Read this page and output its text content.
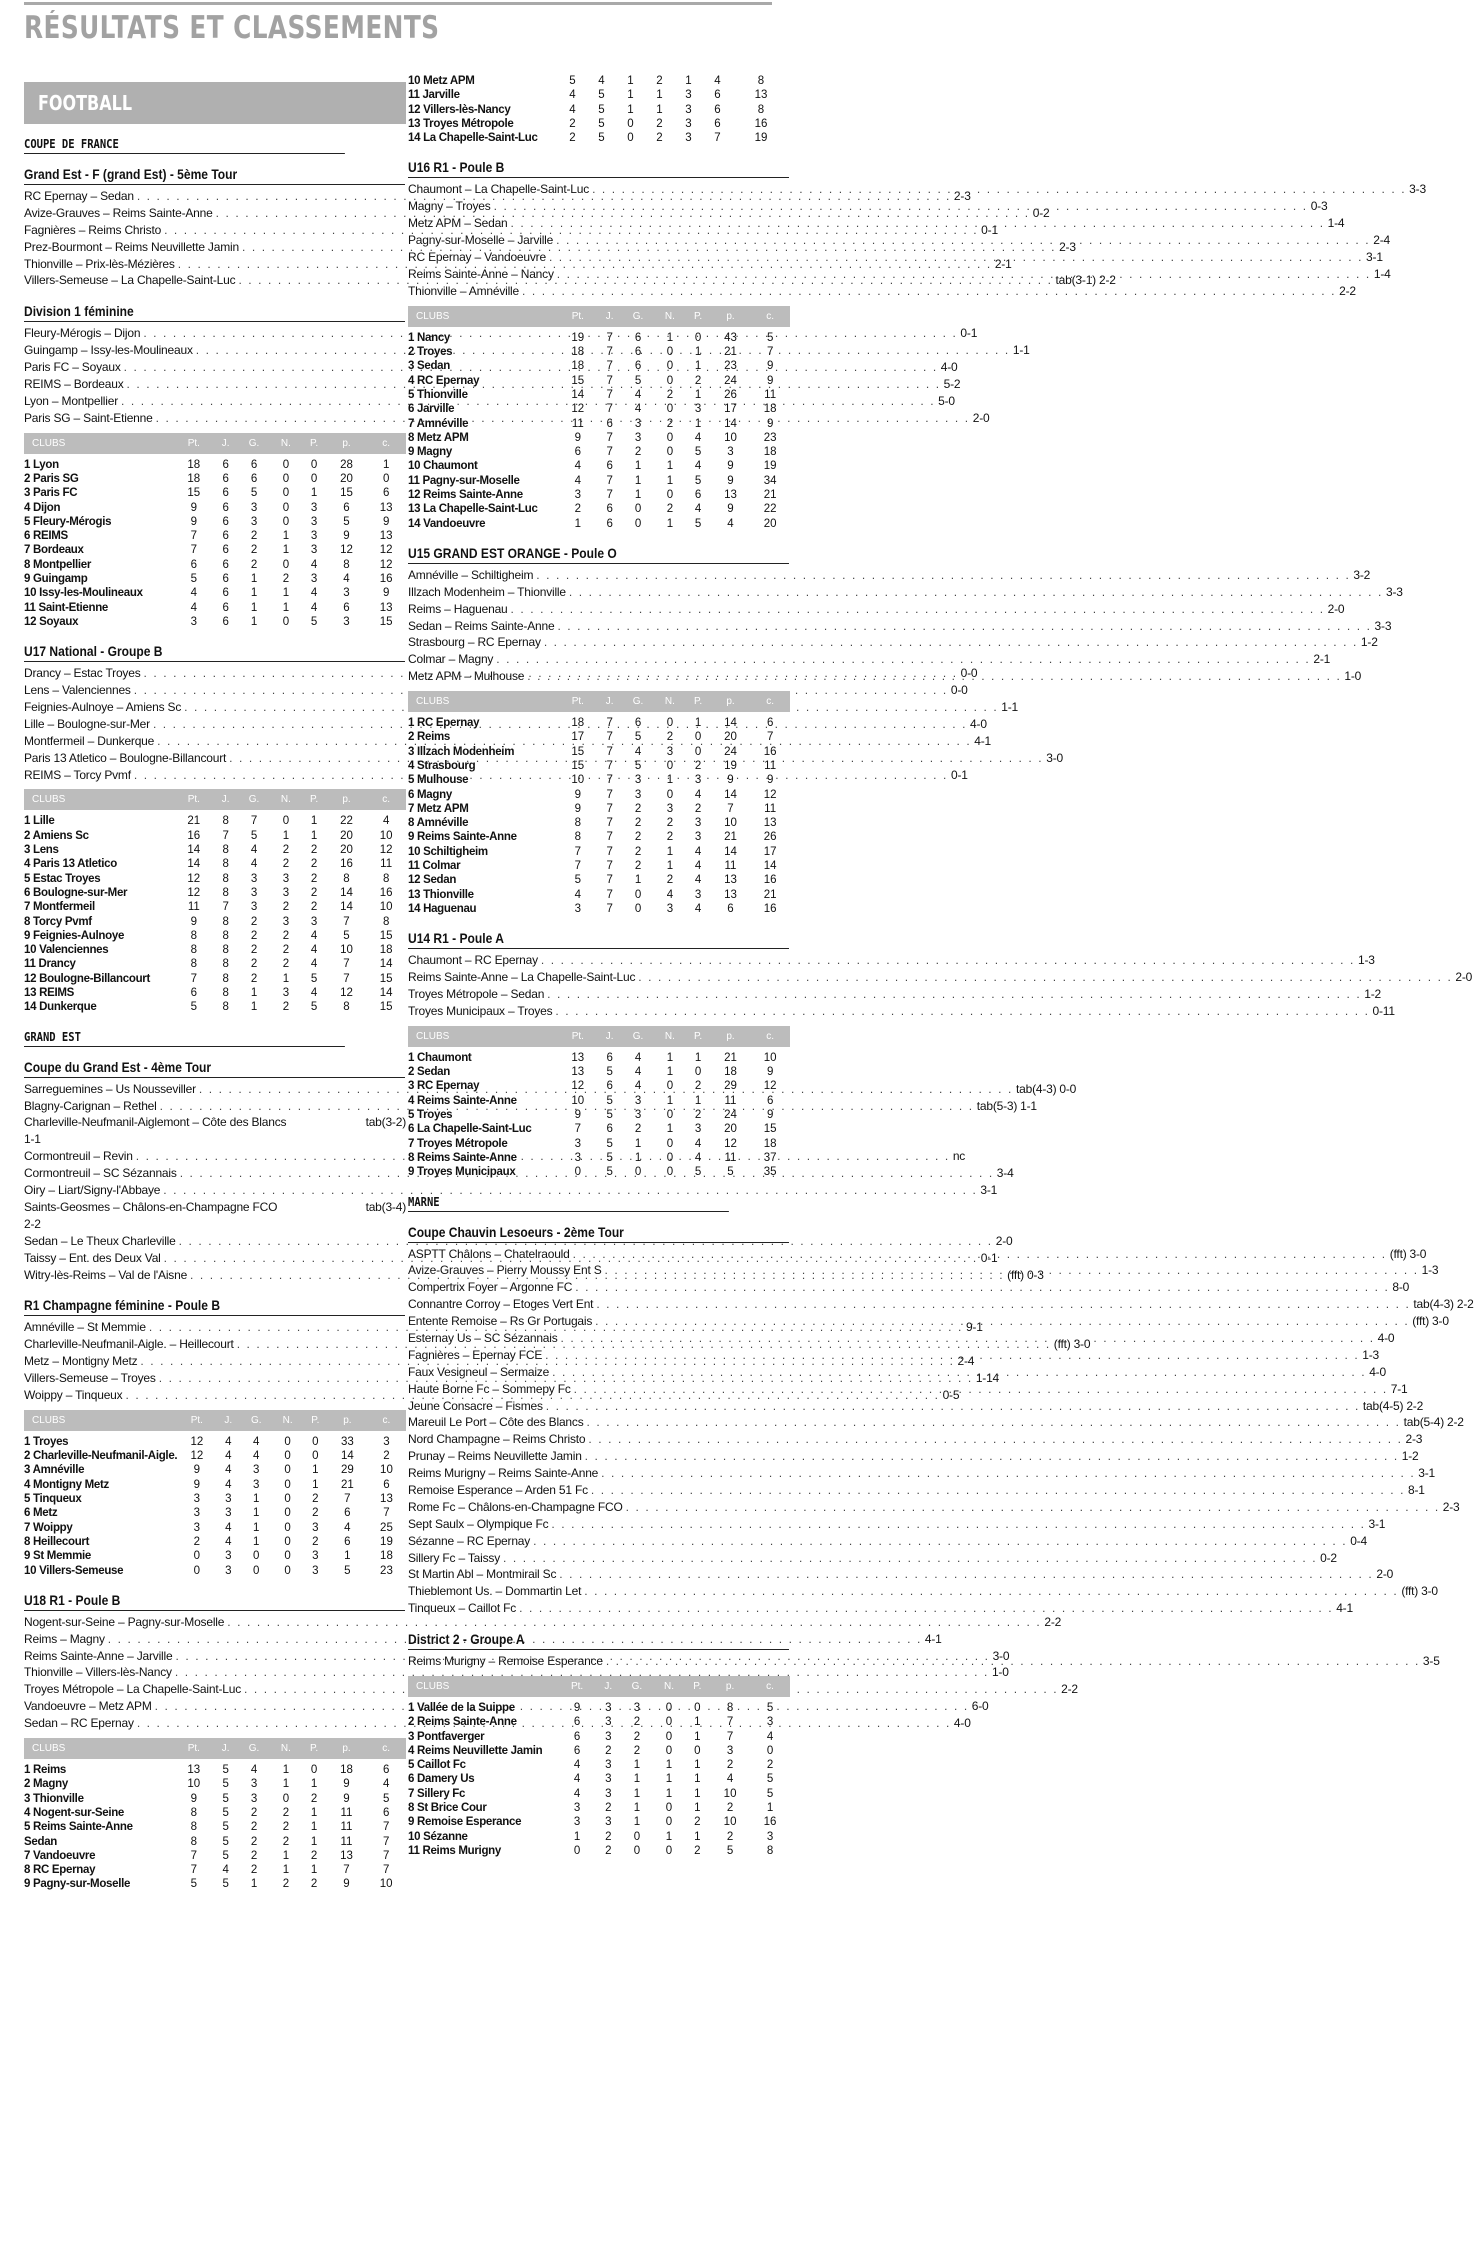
RÉSULTATS ET CLASSEMENTS
FOOTBALL
COUPE DE FRANCE
Grand Est - F (grand Est) - 5ème Tour
RC Epernay – Sedan . . .	2-3
Avize-Grauves – Reims Sainte-Anne . . .	0-2
Fagnières – Reims Christo . . .	0-1
Prez-Bourmont – Reims Neuvillette Jamin . . .	2-3
Thionville – Prix-lès-Mézières . . .	2-1
Villers-Semeuse – La Chapelle-Saint-Luc . . .	tab(3-1) 2-2
Division 1 féminine
Fleury-Mérogis – Dijon . . .	0-1
Guingamp – Issy-les-Moulineaux . . .	1-1
Paris FC – Soyaux . . .	4-0
REIMS – Bordeaux . . .	5-2
Lyon – Montpellier . . .	5-0
Paris SG – Saint-Etienne . . .	2-0
CLUBS	Pt.	J.	G.	N.	P.	p.	c.

1 Lyon	18	6	6	0	0	28	1
2 Paris SG	18	6	6	0	0	20	0
3 Paris FC	15	6	5	0	1	15	6
4 Dijon	9	6	3	0	3	6	13
5 Fleury-Mérogis	9	6	3	0	3	5	9
6 REIMS	7	6	2	1	3	9	13
7 Bordeaux	7	6	2	1	3	12	12
8 Montpellier	6	6	2	0	4	8	12
9 Guingamp	5	6	1	2	3	4	16
10 Issy-les-Moulineaux	4	6	1	1	4	3	9
11 Saint-Etienne	4	6	1	1	4	6	13
12 Soyaux	3	6	1	0	5	3	15
U17 National - Groupe B
Drancy – Estac Troyes . . .	0-0
Lens – Valenciennes . . .	0-0
Feignies-Aulnoye – Amiens Sc . . .	1-1
Lille – Boulogne-sur-Mer . . .	4-0
Montfermeil – Dunkerque . . .	4-1
Paris 13 Atletico – Boulogne-Billancourt . . .	3-0
REIMS – Torcy Pvmf . . .	0-1
CLUBS	Pt.	J.	G.	N.	P.	p.	c.

1 Lille	21	8	7	0	1	22	4
2 Amiens Sc	16	7	5	1	1	20	10
3 Lens	14	8	4	2	2	20	12
4 Paris 13 Atletico	14	8	4	2	2	16	11
5 Estac Troyes	12	8	3	3	2	8	8
6 Boulogne-sur-Mer	12	8	3	3	2	14	16
7 Montfermeil	11	7	3	2	2	14	10
8 Torcy Pvmf	9	8	2	3	3	7	8
9 Feignies-Aulnoye	8	8	2	2	4	5	15
10 Valenciennes	8	8	2	2	4	10	18
11 Drancy	8	8	2	2	4	7	14
12 Boulogne-Billancourt	7	8	2	1	5	7	15
13 REIMS	6	8	1	3	4	12	14
14 Dunkerque	5	8	1	2	5	8	15
GRAND EST
Coupe du Grand Est - 4ème Tour
Sarreguemines – Us Nousseviller . . .	tab(4-3) 0-0
Blagny-Carignan – Rethel . . .	tab(5-3) 1-1
Charleville-Neufmanil-Aiglemont – Côte des Blancs	tab(3-2)
1-1
Cormontreuil – Revin . . .	nc
Cormontreuil – SC Sézannais . . .	3-4
Oiry – Liart/Signy-l'Abbaye . . .	3-1
Saints-Geosmes – Châlons-en-Champagne FCO	tab(3-4)
2-2
Sedan – Le Theux Charleville . . .	2-0
Taissy – Ent. des Deux Val . . .	0-1
Witry-lès-Reims – Val de l'Aisne . . .	(fft) 0-3
R1 Champagne féminine - Poule B
Amnéville – St Memmie . . .	9-1
Charleville-Neufmanil-Aigle. – Heillecourt . . .	(fft) 3-0
Metz – Montigny Metz . . .	2-4
Villers-Semeuse – Troyes . . .	1-14
Woippy – Tinqueux . . .	0-5
CLUBS	Pt.	J.	G.	N.	P.	p.	c.

1 Troyes	12	4	4	0	0	33	3
2 Charleville-Neufmanil-Aigle.	12	4	4	0	0	14	2
3 Amnéville	9	4	3	0	1	29	10
4 Montigny Metz	9	4	3	0	1	21	6
5 Tinqueux	3	3	1	0	2	7	13
6 Metz	3	3	1	0	2	6	7
7 Woippy	3	4	1	0	3	4	25
8 Heillecourt	2	4	1	0	2	6	19
9 St Memmie	0	3	0	0	3	1	18
10 Villers-Semeuse	0	3	0	0	3	5	23
U18 R1 - Poule B
Nogent-sur-Seine – Pagny-sur-Moselle . . .	2-2
Reims – Magny . . .	4-1
Reims Sainte-Anne – Jarville . . .	3-0
Thionville – Villers-lès-Nancy . . .	1-0
Troyes Métropole – La Chapelle-Saint-Luc . . .	2-2
Vandoeuvre – Metz APM . . .	6-0
Sedan – RC Epernay . . .	4-0
CLUBS	Pt.	J.	G.	N.	P.	p.	c.

1 Reims	13	5	4	1	0	18	6
2 Magny	10	5	3	1	1	9	4
3 Thionville	9	5	3	0	2	9	5
4 Nogent-sur-Seine	8	5	2	2	1	11	6
5 Reims Sainte-Anne	8	5	2	2	1	11	7
Sedan	8	5	2	2	1	11	7
7 Vandoeuvre	7	5	2	1	2	13	7
8 RC Epernay	7	4	2	1	1	7	7
9 Pagny-sur-Moselle	5	5	1	2	2	9	10
10 Metz APM	5	4	1	2	1	4	8
11 Jarville	4	5	1	1	3	6	13
12 Villers-lès-Nancy	4	5	1	1	3	6	8
13 Troyes Métropole	2	5	0	2	3	6	16
14 La Chapelle-Saint-Luc	2	5	0	2	3	7	19
U16 R1 - Poule B
Chaumont – La Chapelle-Saint-Luc . . .	3-3
Magny – Troyes . . .	0-3
Metz APM – Sedan . . .	1-4
Pagny-sur-Moselle – Jarville . . .	2-4
RC Epernay – Vandoeuvre . . .	3-1
Reims Sainte-Anne – Nancy . . .	1-4
Thionville – Amnéville . . .	2-2
CLUBS	Pt.	J.	G.	N.	P.	p.	c.

1 Nancy	19	7	6	1	0	43	5
2 Troyes	18	7	6	0	1	21	7
3 Sedan	18	7	6	0	1	23	9
4 RC Epernay	15	7	5	0	2	24	9
5 Thionville	14	7	4	2	1	26	11
6 Jarville	12	7	4	0	3	17	18
7 Amnéville	11	6	3	2	1	14	9
8 Metz APM	9	7	3	0	4	10	23
9 Magny	6	7	2	0	5	3	18
10 Chaumont	4	6	1	1	4	9	19
11 Pagny-sur-Moselle	4	7	1	1	5	9	34
12 Reims Sainte-Anne	3	7	1	0	6	13	21
13 La Chapelle-Saint-Luc	2	6	0	2	4	9	22
14 Vandoeuvre	1	6	0	1	5	4	20
U15 GRAND EST ORANGE - Poule O
Amnéville – Schiltigheim . . .	3-2
Illzach Modenheim – Thionville . . .	3-3
Reims – Haguenau . . .	2-0
Sedan – Reims Sainte-Anne . . .	3-3
Strasbourg – RC Epernay . . .	1-2
Colmar – Magny . . .	2-1
Metz APM – Mulhouse . . .	1-0
CLUBS	Pt.	J.	G.	N.	P.	p.	c.

1 RC Epernay	18	7	6	0	1	14	6
2 Reims	17	7	5	2	0	20	7
3 Illzach Modenheim	15	7	4	3	0	24	16
4 Strasbourg	15	7	5	0	2	19	11
5 Mulhouse	10	7	3	1	3	9	9
6 Magny	9	7	3	0	4	14	12
7 Metz APM	9	7	2	3	2	7	11
8 Amnéville	8	7	2	2	3	10	13
9 Reims Sainte-Anne	8	7	2	2	3	21	26
10 Schiltigheim	7	7	2	1	4	14	17
11 Colmar	7	7	2	1	4	11	14
12 Sedan	5	7	1	2	4	13	16
13 Thionville	4	7	0	4	3	13	21
14 Haguenau	3	7	0	3	4	6	16
U14 R1 - Poule A
Chaumont – RC Epernay . . .	1-3
Reims Sainte-Anne – La Chapelle-Saint-Luc . . .	2-0
Troyes Métropole – Sedan . . .	1-2
Troyes Municipaux – Troyes . . .	0-11
CLUBS	Pt.	J.	G.	N.	P.	p.	c.

1 Chaumont	13	6	4	1	1	21	10
2 Sedan	13	5	4	1	0	18	9
3 RC Epernay	12	6	4	0	2	29	12
4 Reims Sainte-Anne	10	5	3	1	1	11	6
5 Troyes	9	5	3	0	2	24	9
6 La Chapelle-Saint-Luc	7	6	2	1	3	20	15
7 Troyes Métropole	3	5	1	0	4	12	18
8 Reims Sainte-Anne	3	5	1	0	4	11	37
9 Troyes Municipaux	0	5	0	0	5	5	35
MARNE
Coupe Chauvin Lesoeurs - 2ème Tour
ASPTT Châlons – Chatelraould . . .	(fft) 3-0
Avize-Grauves – Pierry Moussy Ent S . . .	1-3
Compertrix Foyer – Argonne FC . . .	8-0
Connantre Corroy – Etoges Vert Ent . . .	tab(4-3) 2-2
Entente Remoise – Rs Gr Portugais . . .	(fft) 3-0
Esternay Us – SC Sézannais . . .	4-0
Fagnières – Epernay FCE . . .	1-3
Faux Vesigneul – Sermaize . . .	4-0
Haute Borne Fc – Sommepy Fc . . .	7-1
Jeune Consacre – Fismes . . .	tab(4-5) 2-2
Mareuil Le Port – Côte des Blancs . . .	tab(5-4) 2-2
Nord Champagne – Reims Christo . . .	2-3
Prunay – Reims Neuvillette Jamin . . .	1-2
Reims Murigny – Reims Sainte-Anne . . .	3-1
Remoise Esperance – Arden 51 Fc . . .	8-1
Rome Fc – Châlons-en-Champagne FCO . . .	2-3
Sept Saulx – Olympique Fc . . .	3-1
Sézanne – RC Epernay . . .	0-4
Sillery Fc – Taissy . . .	0-2
St Martin Abl – Montmirail Sc . . .	2-0
Thieblemont Us. – Dommartin Let . . .	(fft) 3-0
Tinqueux – Caillot Fc . . .	4-1
District 2 - Groupe A
Reims Murigny – Remoise Esperance . . .	3-5
CLUBS	Pt.	J.	G.	N.	P.	p.	c.

1 Vallée de la Suippe	9	3	3	0	0	8	5
2 Reims Sainte-Anne	6	3	2	0	1	7	3
3 Pontfaverger	6	3	2	0	1	7	4
4 Reims Neuvillette Jamin	6	2	2	0	0	3	0
5 Caillot Fc	4	3	1	1	1	2	2
6 Damery Us	4	3	1	1	1	4	5
7 Sillery Fc	4	3	1	1	1	10	5
8 St Brice Cour	3	2	1	0	1	2	1
9 Remoise Esperance	3	3	1	0	2	10	16
10 Sézanne	1	2	0	1	1	2	3
11 Reims Murigny	0	2	0	0	2	5	8
